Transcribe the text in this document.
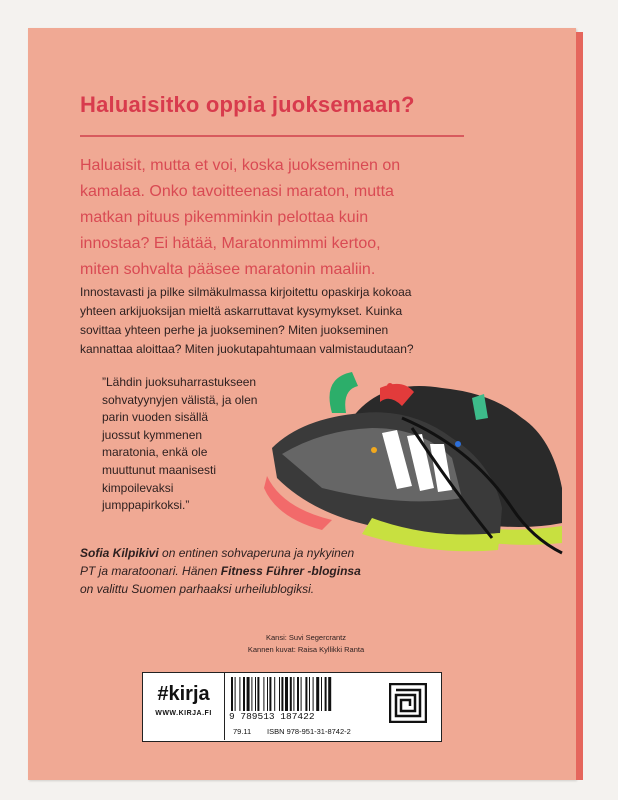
Haluaisitko oppia juoksemaan?
Haluaisit, mutta et voi, koska juokseminen on
kamalaa. Onko tavoitteenasi maraton, mutta
matkan pituus pikemminkin pelottaa kuin
innostaa? Ei hätää, Maratonmimmi kertoo,
miten sohvalta pääsee maratonin maaliin.
Innostavasti ja pilke silmäkulmassa kirjoitettu opaskirja kokoaa
yhteen arkijuoksijan mieltä askarruttavat kysymykset. Kuinka
sovittaa yhteen perhe ja juokseminen? Miten juokseminen
kannattaa aloittaa? Miten juokutapahtumaan valmistaudutaan?
”Lähdin juoksuharrastukseen
sohvatyynyjen välistä, ja olen
parin vuoden sisällä
juossut kymmenen
maratonia, enkä ole
muuttunut maanisesti
kimpoilevaksi
jumppapirkoksi.”
Sofia Kilpikivi on entinen sohvaperuna ja nykyinen
PT ja maratoonari. Hänen Fitness Führer -bloginsa
on valittu Suomen parhaaksi urheilublogiksi.
Kansi: Suvi Segercrantz
Kannen kuvat: Raisa Kyllikki Ranta
#kirja
WWW.KIRJA.FI	9 789513 187422
79.11 ISBN 978-951-31-8742-2
